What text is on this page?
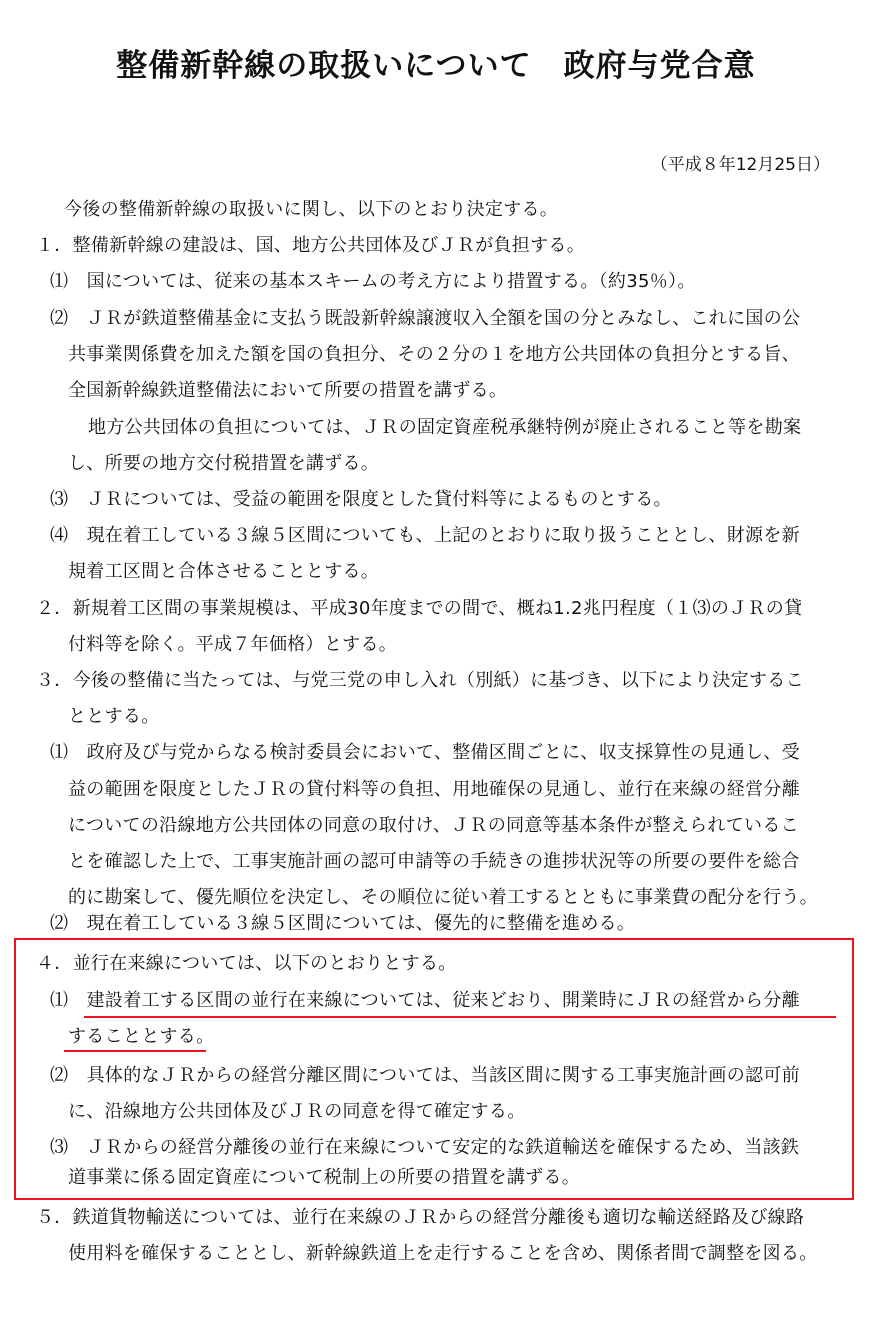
整備新幹線の取扱いについて　政府与党合意
（平成８年12月25日）
今後の整備新幹線の取扱いに関し、以下のとおり決定する。
１．整備新幹線の建設は、国、地方公共団体及びＪＲが負担する。
⑴　国については、従来の基本スキームの考え方により措置する。（約35％）。
⑵　ＪＲが鉄道整備基金に支払う既設新幹線譲渡収入全額を国の分とみなし、これに国の公
共事業関係費を加えた額を国の負担分、その２分の１を地方公共団体の負担分とする旨、
全国新幹線鉄道整備法において所要の措置を講ずる。
地方公共団体の負担については、ＪＲの固定資産税承継特例が廃止されること等を勘案
し、所要の地方交付税措置を講ずる。
⑶　ＪＲについては、受益の範囲を限度とした貸付料等によるものとする。
⑷　現在着工している３線５区間についても、上記のとおりに取り扱うこととし、財源を新
規着工区間と合体させることとする。
２．新規着工区間の事業規模は、平成30年度までの間で、概ね1.2兆円程度（１⑶のＪＲの貸
付料等を除く。平成７年価格）とする。
３．今後の整備に当たっては、与党三党の申し入れ（別紙）に基づき、以下により決定するこ
ととする。
⑴　政府及び与党からなる検討委員会において、整備区間ごとに、収支採算性の見通し、受
益の範囲を限度としたＪＲの貸付料等の負担、用地確保の見通し、並行在来線の経営分離
についての沿線地方公共団体の同意の取付け、ＪＲの同意等基本条件が整えられているこ
とを確認した上で、工事実施計画の認可申請等の手続きの進捗状況等の所要の要件を総合
的に勘案して、優先順位を決定し、その順位に従い着工するとともに事業費の配分を行う。
⑵　現在着工している３線５区間については、優先的に整備を進める。
４．並行在来線については、以下のとおりとする。
⑴　建設着工する区間の並行在来線については、従来どおり、開業時にＪＲの経営から分離
することとする。
⑵　具体的なＪＲからの経営分離区間については、当該区間に関する工事実施計画の認可前
に、沿線地方公共団体及びＪＲの同意を得て確定する。
⑶　ＪＲからの経営分離後の並行在来線について安定的な鉄道輸送を確保するため、当該鉄
道事業に係る固定資産について税制上の所要の措置を講ずる。
５．鉄道貨物輸送については、並行在来線のＪＲからの経営分離後も適切な輸送経路及び線路
使用料を確保することとし、新幹線鉄道上を走行することを含め、関係者間で調整を図る。
